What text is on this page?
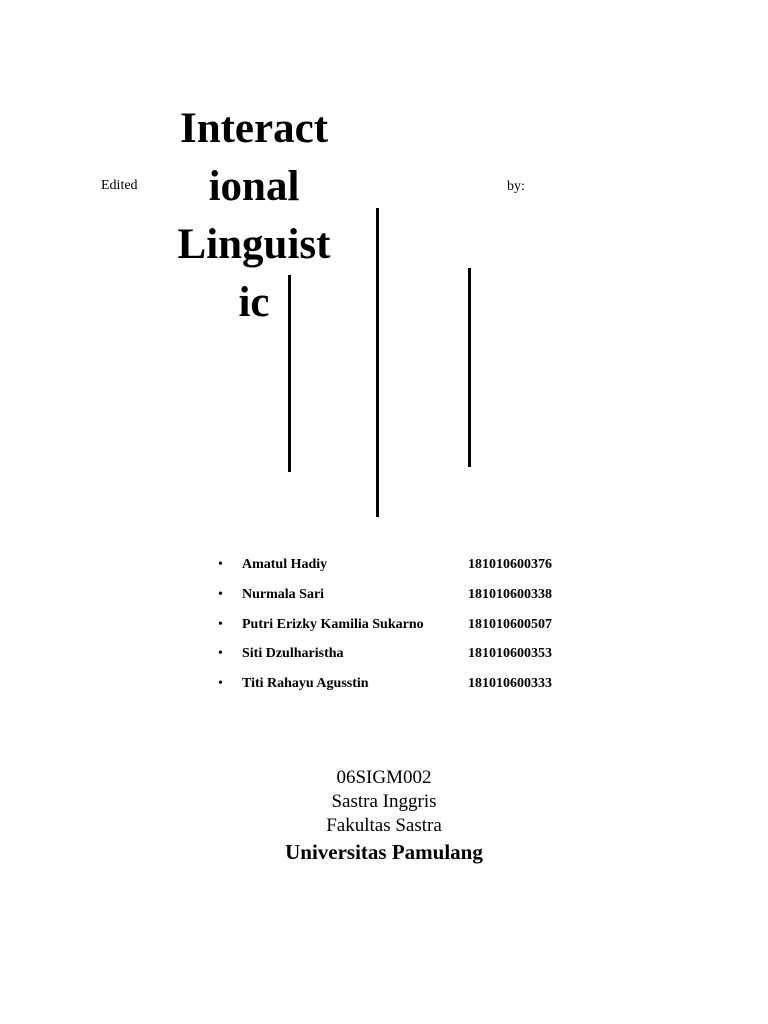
Edited	by:
Interact
ional
Linguist
ic
• Amatul Hadiy	181010600376
• Nurmala Sari	181010600338
• Putri Erizky Kamilia Sukarno	181010600507
• Siti Dzulharistha	181010600353
• Titi Rahayu Agusstin	181010600333
06SIGM002
Sastra Inggris
Fakultas Sastra
Universitas Pamulang
